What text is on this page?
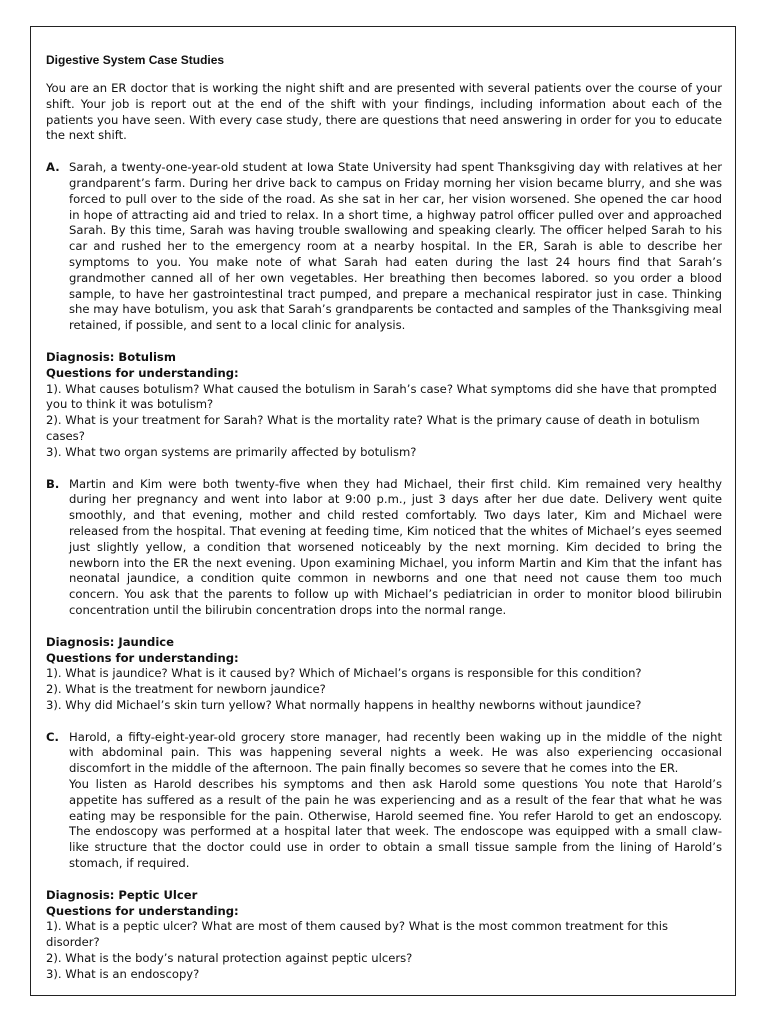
Digestive System Case Studies

You are an ER doctor that is working the night shift and are presented with several patients over the course of your shift. Your job is report out at the end of the shift with your findings, including information about each of the patients you have seen. With every case study, there are questions that need answering in order for you to educate the next shift.

A. Sarah, a twenty-one-year-old student at Iowa State University had spent Thanksgiving day with relatives at her grandparent’s farm. During her drive back to campus on Friday morning her vision became blurry, and she was forced to pull over to the side of the road. As she sat in her car, her vision worsened. She opened the car hood in hope of attracting aid and tried to relax. In a short time, a highway patrol officer pulled over and approached Sarah. By this time, Sarah was having trouble swallowing and speaking clearly. The officer helped Sarah to his car and rushed her to the emergency room at a nearby hospital. In the ER, Sarah is able to describe her symptoms to you. You make note of what Sarah had eaten during the last 24 hours find that Sarah’s grandmother canned all of her own vegetables. Her breathing then becomes labored. so you order a blood sample, to have her gastrointestinal tract pumped, and prepare a mechanical respirator just in case. Thinking she may have botulism, you ask that Sarah’s grandparents be contacted and samples of the Thanksgiving meal retained, if possible, and sent to a local clinic for analysis.

Diagnosis: Botulism
Questions for understanding:
1). What causes botulism? What caused the botulism in Sarah’s case? What symptoms did she have that prompted you to think it was botulism?
2). What is your treatment for Sarah? What is the mortality rate? What is the primary cause of death in botulism cases?
3). What two organ systems are primarily affected by botulism?
B. Martin and Kim were both twenty-five when they had Michael, their first child. Kim remained very healthy during her pregnancy and went into labor at 9:00 p.m., just 3 days after her due date. Delivery went quite smoothly, and that evening, mother and child rested comfortably. Two days later, Kim and Michael were released from the hospital. That evening at feeding time, Kim noticed that the whites of Michael’s eyes seemed just slightly yellow, a condition that worsened noticeably by the next morning. Kim decided to bring the newborn into the ER the next evening. Upon examining Michael, you inform Martin and Kim that the infant has neonatal jaundice, a condition quite common in newborns and one that need not cause them too much concern. You ask that the parents to follow up with Michael’s pediatrician in order to monitor blood bilirubin concentration until the bilirubin concentration drops into the normal range.

Diagnosis: Jaundice
Questions for understanding:
1). What is jaundice? What is it caused by? Which of Michael’s organs is responsible for this condition?
2). What is the treatment for newborn jaundice?
3). Why did Michael’s skin turn yellow? What normally happens in healthy newborns without jaundice?
C. Harold, a fifty-eight-year-old grocery store manager, had recently been waking up in the middle of the night with abdominal pain. This was happening several nights a week. He was also experiencing occasional discomfort in the middle of the afternoon. The pain finally becomes so severe that he comes into the ER.

You listen as Harold describes his symptoms and then ask Harold some questions You note that Harold’s appetite has suffered as a result of the pain he was experiencing and as a result of the fear that what he was eating may be responsible for the pain. Otherwise, Harold seemed fine. You refer Harold to get an endoscopy. The endoscopy was performed at a hospital later that week. The endoscope was equipped with a small claw-like structure that the doctor could use in order to obtain a small tissue sample from the lining of Harold’s stomach, if required.

Diagnosis: Peptic Ulcer
Questions for understanding:
1). What is a peptic ulcer? What are most of them caused by? What is the most common treatment for this disorder?
2). What is the body’s natural protection against peptic ulcers?
3). What is an endoscopy?
